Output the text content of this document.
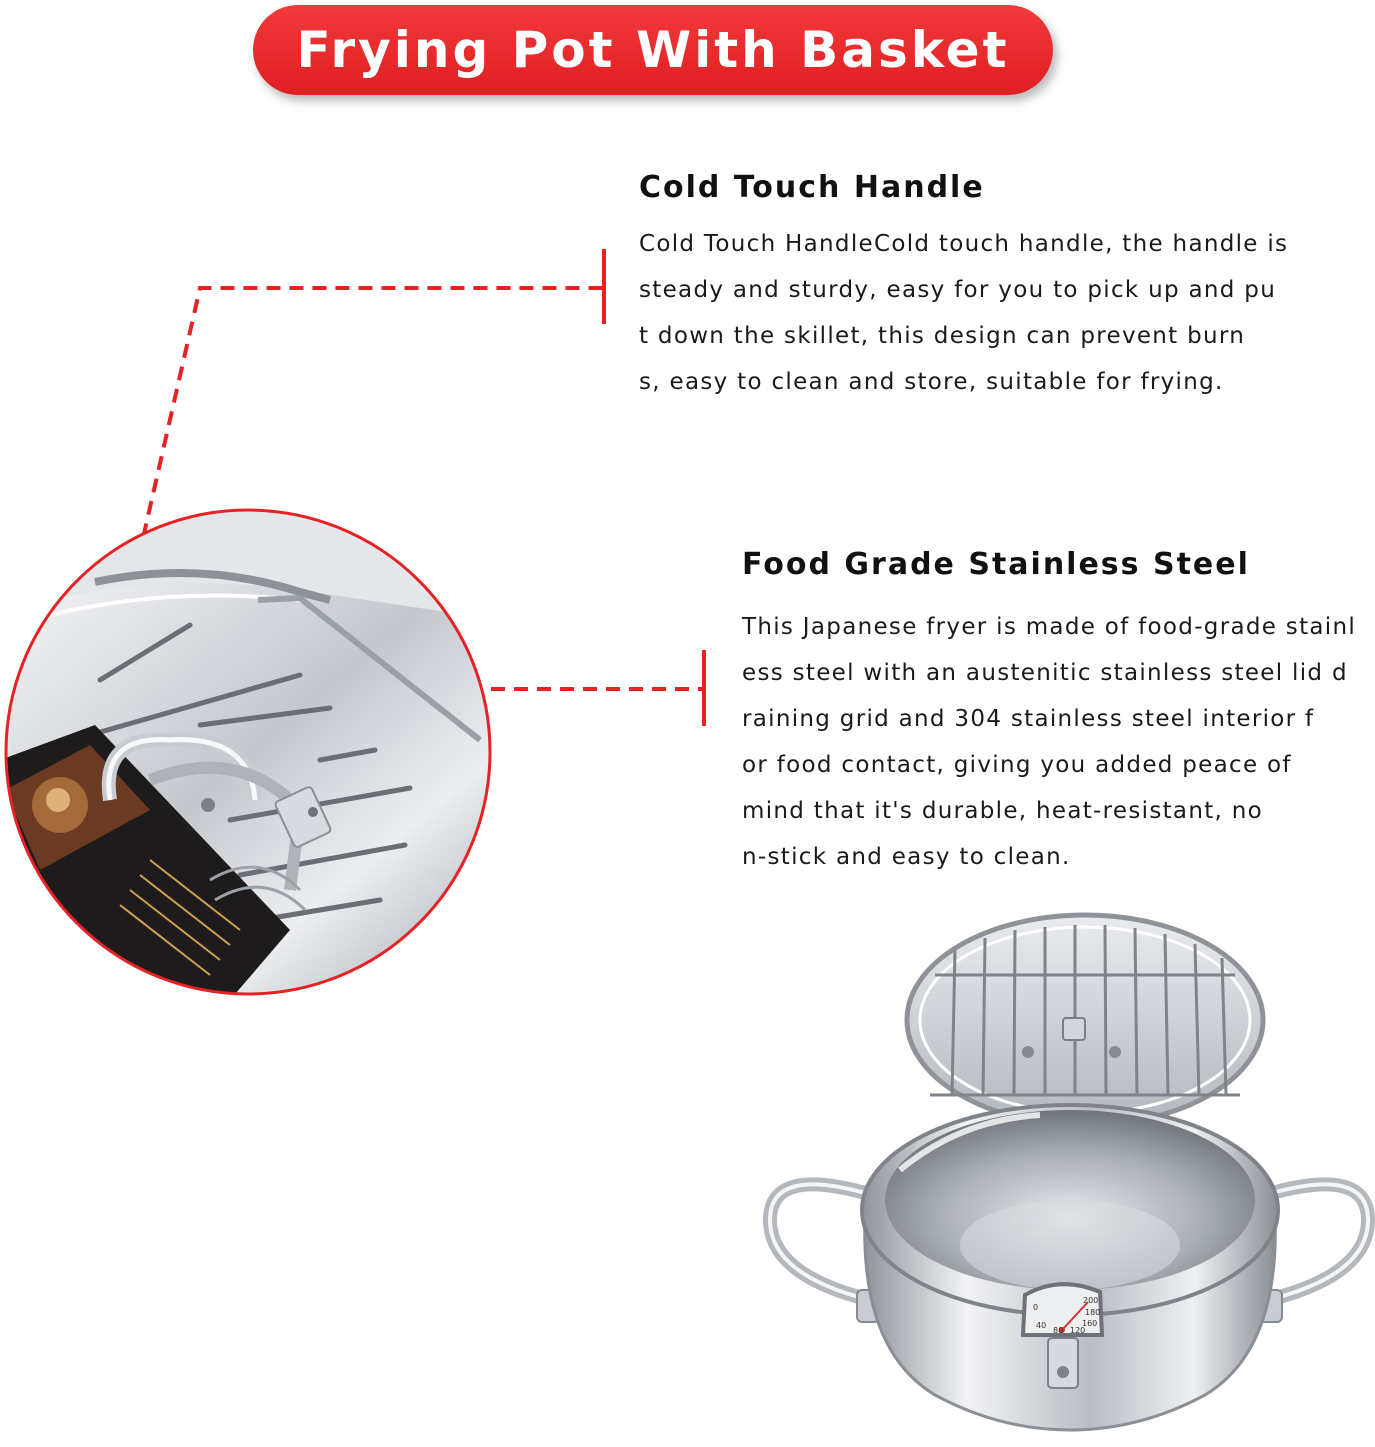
Frying Pot With Basket
Cold Touch Handle

Cold Touch HandleCold touch handle, the handle is
steady and sturdy, easy for you to pick up and pu
t down the skillet, this design can prevent burn
s, easy to clean and store, suitable for frying.

Food Grade Stainless Steel

This Japanese fryer is made of food-grade stainl
ess steel with an austenitic stainless steel lid d
raining grid and 304 stainless steel interior f
or food contact, giving you added peace of
mind that it's durable, heat-resistant, no
n-stick and easy to clean.

0
200
180
160
120
80
40
